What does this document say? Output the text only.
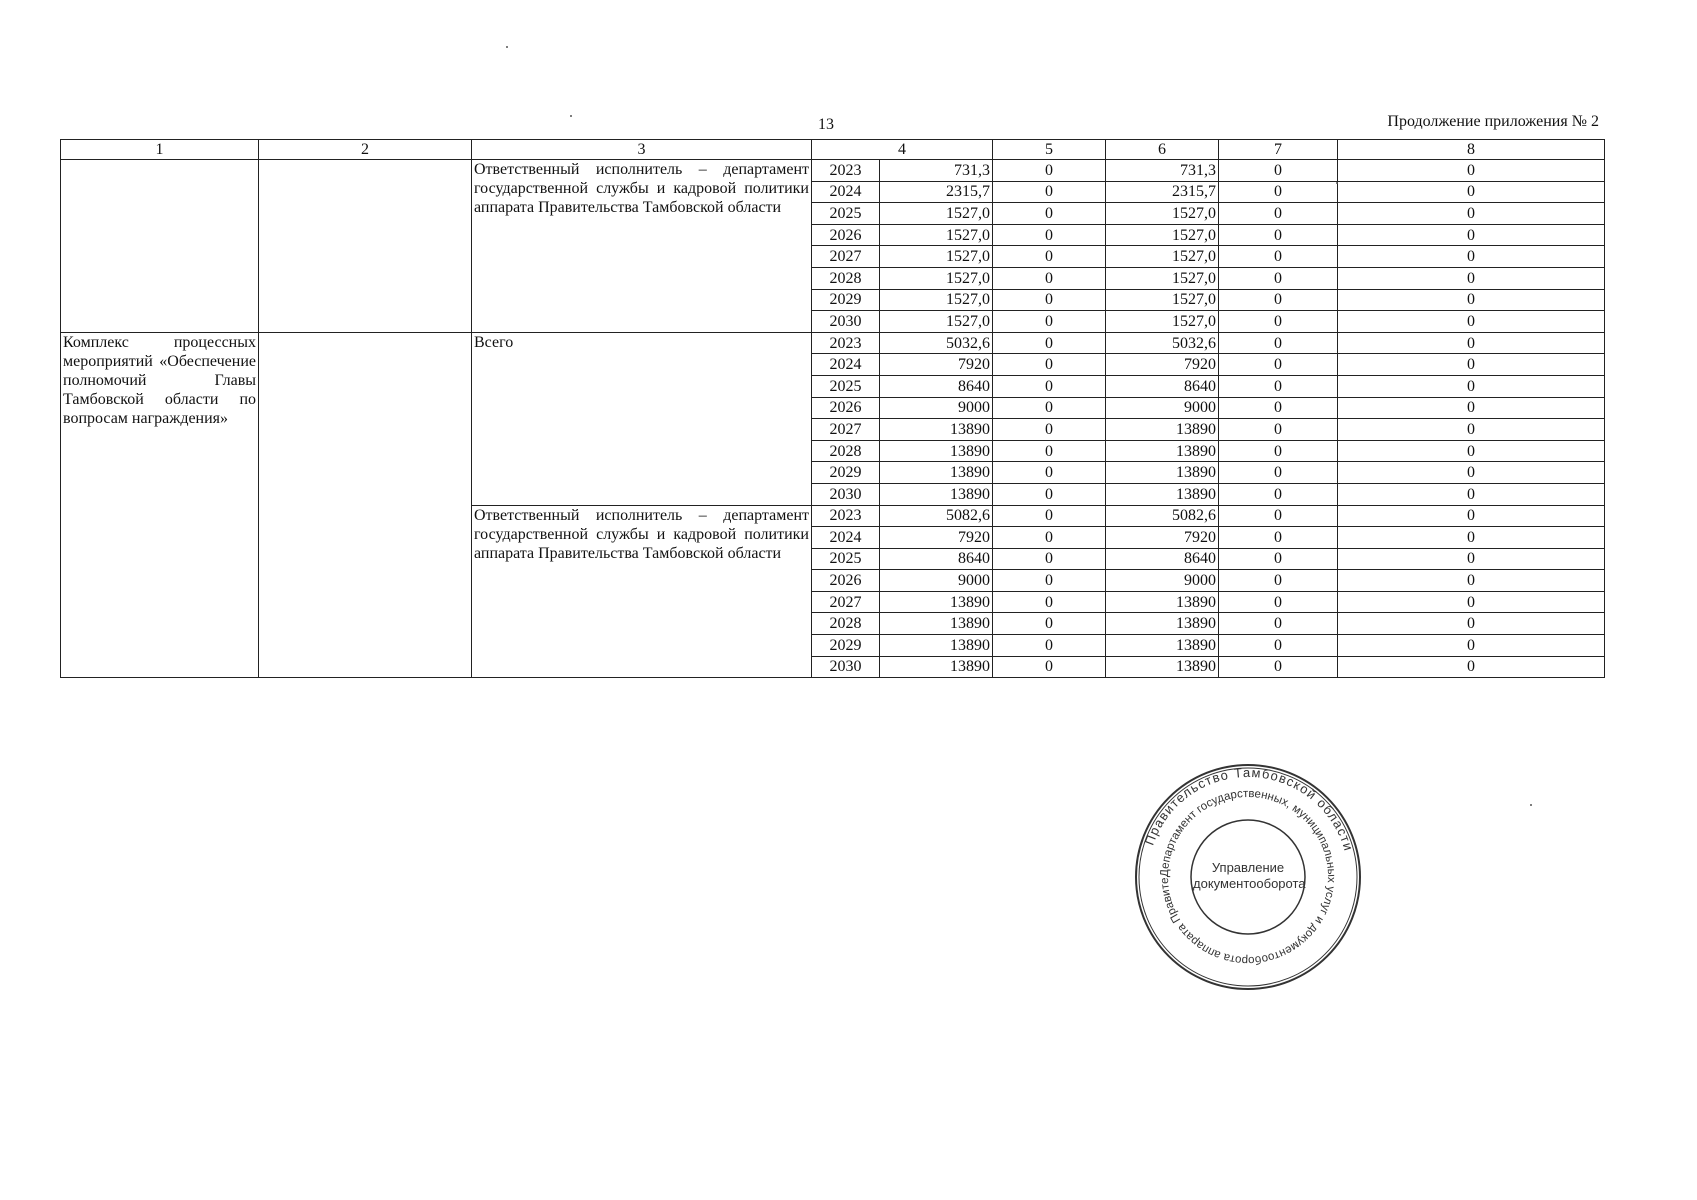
13	Продолжение приложения № 2
1	2	3	4		5	6	7	8
		Ответственный исполнитель – департамент государственной службы и кадровой политики аппарата Правительства Тамбовской области	2023	731,3	0	731,3	0	0
			2024	2315,7	0	2315,7	0	0
			2025	1527,0	0	1527,0	0	0
			2026	1527,0	0	1527,0	0	0
			2027	1527,0	0	1527,0	0	0
			2028	1527,0	0	1527,0	0	0
			2029	1527,0	0	1527,0	0	0
			2030	1527,0	0	1527,0	0	0
Комплекс процессных мероприятий «Обеспечение полномочий Главы Тамбовской области по вопросам награждения»		Всего	2023	5032,6	0	5032,6	0	0
			2024	7920	0	7920	0	0
			2025	8640	0	8640	0	0
			2026	9000	0	9000	0	0
			2027	13890	0	13890	0	0
			2028	13890	0	13890	0	0
			2029	13890	0	13890	0	0
			2030	13890	0	13890	0	0
		Ответственный исполнитель – департамент государственной службы и кадровой политики аппарата Правительства Тамбовской области	2023	5082,6	0	5082,6	0	0
			2024	7920	0	7920	0	0
			2025	8640	0	8640	0	0
			2026	9000	0	9000	0	0
			2027	13890	0	13890	0	0
			2028	13890	0	13890	0	0
			2029	13890	0	13890	0	0
			2030	13890	0	13890	0	0
Правительство Тамбовской области
Департамент государственных, муниципальных услуг и документооборота аппарата Правите
Управление документооборота
